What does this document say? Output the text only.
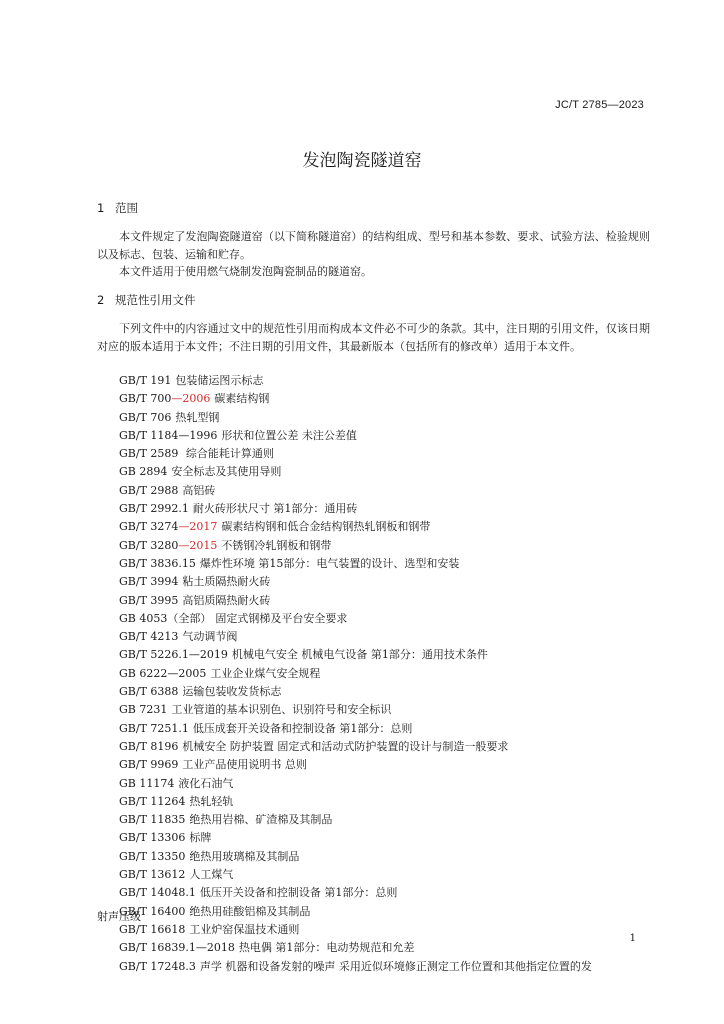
JC/T 2785—2023
发泡陶瓷隧道窑
1 范围
本文件规定了发泡陶瓷隧道窑（以下简称隧道窑）的结构组成、型号和基本参数、要求、试验方法、检验规则以及标志、包装、运输和贮存。
本文件适用于使用燃气烧制发泡陶瓷制品的隧道窑。
2 规范性引用文件
下列文件中的内容通过文中的规范性引用而构成本文件必不可少的条款。其中，注日期的引用文件，仅该日期对应的版本适用于本文件；不注日期的引用文件，其最新版本（包括所有的修改单）适用于本文件。
GB/T 191 包装储运图示标志
GB/T 700—2006 碳素结构钢
GB/T 706 热轧型钢
GB/T 1184—1996 形状和位置公差 未注公差值
GB/T 2589 综合能耗计算通则
GB 2894 安全标志及其使用导则
GB/T 2988 高铝砖
GB/T 2992.1 耐火砖形状尺寸 第1部分：通用砖
GB/T 3274—2017 碳素结构钢和低合金结构钢热轧钢板和钢带
GB/T 3280—2015 不锈钢冷轧钢板和钢带
GB/T 3836.15 爆炸性环境 第15部分：电气装置的设计、选型和安装
GB/T 3994 粘土质隔热耐火砖
GB/T 3995 高铝质隔热耐火砖
GB 4053（全部） 固定式钢梯及平台安全要求
GB/T 4213 气动调节阀
GB/T 5226.1—2019 机械电气安全 机械电气设备 第1部分：通用技术条件
GB 6222—2005 工业企业煤气安全规程
GB/T 6388 运输包装收发货标志
GB 7231 工业管道的基本识别色、识别符号和安全标识
GB/T 7251.1 低压成套开关设备和控制设备 第1部分：总则
GB/T 8196 机械安全 防护装置 固定式和活动式防护装置的设计与制造一般要求
GB/T 9969 工业产品使用说明书 总则
GB 11174 液化石油气
GB/T 11264 热轧轻轨
GB/T 11835 绝热用岩棉、矿渣棉及其制品
GB/T 13306 标牌
GB/T 13350 绝热用玻璃棉及其制品
GB/T 13612 人工煤气
GB/T 14048.1 低压开关设备和控制设备 第1部分：总则
GB/T 16400 绝热用硅酸铝棉及其制品
GB/T 16618 工业炉窑保温技术通则
GB/T 16839.1—2018 热电偶 第1部分：电动势规范和允差
GB/T 17248.3 声学 机器和设备发射的噪声 采用近似环境修正测定工作位置和其他指定位置的发
射声压级
1
